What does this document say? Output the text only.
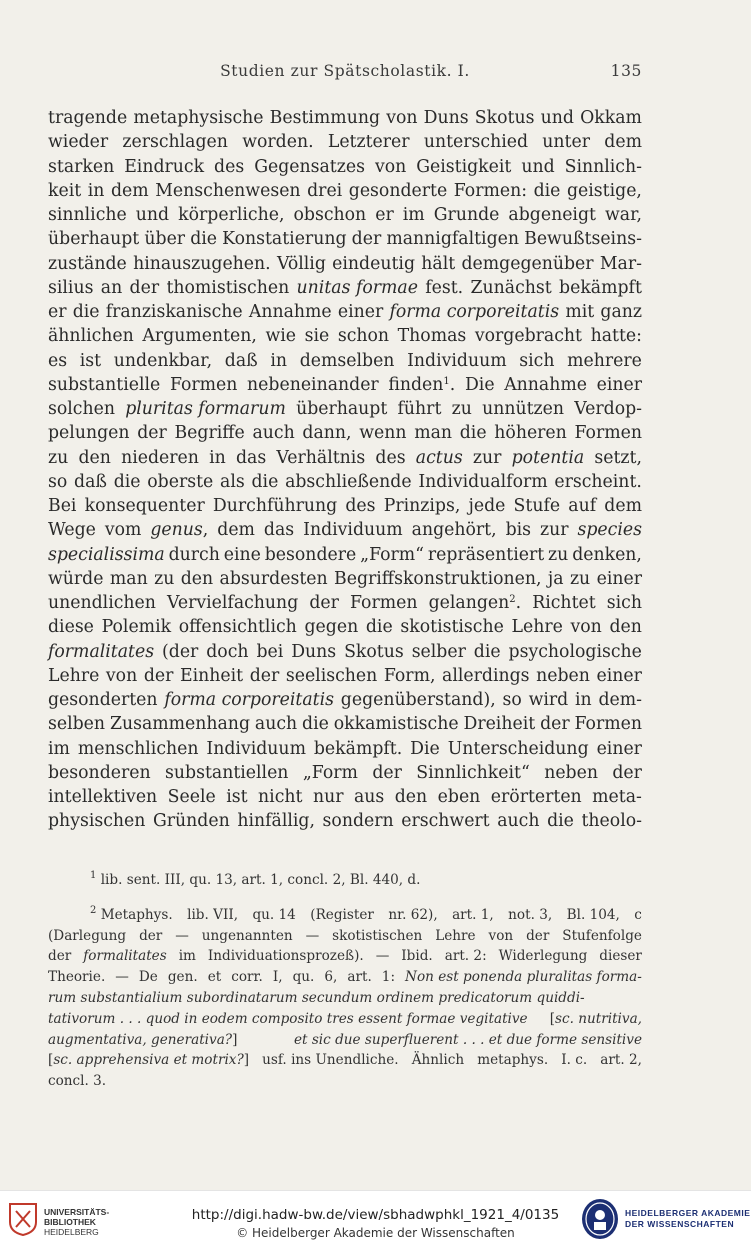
Studien zur Spätscholastik. I.	135
tragende metaphysische Bestimmung von Duns Skotus und Okkam
wieder zerschlagen worden. Letzterer unterschied unter dem
starken Eindruck des Gegensatzes von Geistigkeit und Sinnlich-
keit in dem Menschenwesen drei gesonderte Formen: die geistige,
sinnliche und körperliche, obschon er im Grunde abgeneigt war,
überhaupt über die Konstatierung der mannigfaltigen Bewußtseins-
zustände hinauszugehen. Völlig eindeutig hält demgegenüber Mar-
silius an der thomistischen unitas formae fest. Zunächst bekämpft
er die franziskanische Annahme einer forma corporeitatis mit ganz
ähnlichen Argumenten, wie sie schon Thomas vorgebracht hatte:
es ist undenkbar, daß in demselben Individuum sich mehrere
substantielle Formen nebeneinander finden$^1$. Die Annahme einer
solchen pluritas formarum überhaupt führt zu unnützen Verdop-
pelungen der Begriffe auch dann, wenn man die höheren Formen
zu den niederen in das Verhältnis des actus zur potentia setzt,
so daß die oberste als die abschließende Individualform erscheint.
Bei konsequenter Durchführung des Prinzips, jede Stufe auf dem
Wege vom genus, dem das Individuum angehört, bis zur species
specialissima durch eine besondere „Form“ repräsentiert zu denken,
würde man zu den absurdesten Begriffskonstruktionen, ja zu einer
unendlichen Vervielfachung der Formen gelangen$^2$. Richtet sich
diese Polemik offensichtlich gegen die skotistische Lehre von den
formalitates (der doch bei Duns Skotus selber die psychologische
Lehre von der Einheit der seelischen Form, allerdings neben einer
gesonderten forma corporeitatis gegenüberstand), so wird in dem-
selben Zusammenhang auch die okkamistische Dreiheit der Formen
im menschlichen Individuum bekämpft. Die Unterscheidung einer
besonderen substantiellen „Form der Sinnlichkeit“ neben der
intellektiven Seele ist nicht nur aus den eben erörterten meta-
physischen Gründen hinfällig, sondern erschwert auch die theolo-
$^1$ lib. sent. III, qu. 13, art. 1, concl. 2, Bl. 440, d.
$^2$ Metaphys. lib. VII, qu. 14 (Register nr. 62), art. 1, not. 3, Bl. 104, c
(Darlegung der — ungenannten — skotistischen Lehre von der Stufenfolge
der formalitates im Individuationsprozeß). — Ibid. art. 2: Widerlegung dieser
Theorie. — De gen. et corr. I, qu. 6, art. 1: Non est ponenda pluralitas forma-
rum substantialium subordinatarum secundum ordinem predicatorum quiddi-
tativorum . . . quod in eodem composito tres essent formae vegitative [sc. nutritiva,
augmentativa, generativa?]	et sic due superfluerent . . . et due forme sensitive
[sc. apprehensiva et motrix?] usf. ins Unendliche. Ähnlich metaphys. I. c. art. 2,
concl. 3.
UNIVERSITÄTS-
BIBLIOTHEK
HEIDELBERG
http://digi.hadw-bw.de/view/sbhadwphkl_1921_4/0135
© Heidelberger Akademie der Wissenschaften
HEIDELBERGER AKADEMIE
DER WISSENSCHAFTEN
